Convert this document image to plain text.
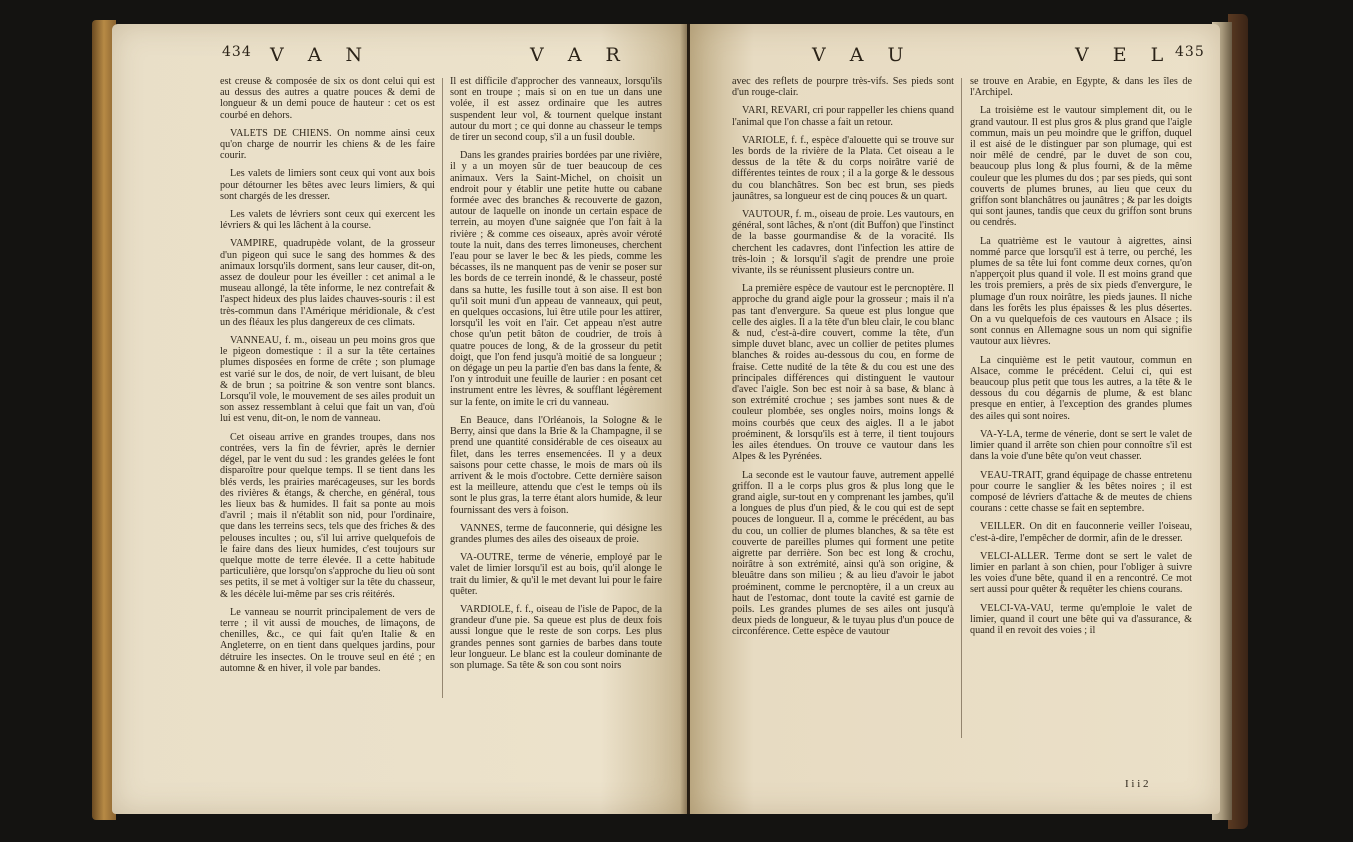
434 V A N	V A R

est creuse & composée de six os dont celui qui est au dessus des autres a quatre pouces & demi de longueur & un demi pouce de hauteur : cet os est courbé en dehors.

VALETS DE CHIENS. On nomme ainsi ceux qu'on charge de nourrir les chiens & de les faire courir.

Les valets de limiers sont ceux qui vont aux bois pour détourner les bêtes avec leurs limiers, & qui sont chargés de les dresser.

Les valets de lévriers sont ceux qui exercent les lévriers & qui les lâchent à la course.

VAMPIRE, quadrupède volant, de la grosseur d'un pigeon qui suce le sang des hommes & des animaux lorsqu'ils dorment, sans leur causer, dit-on, assez de douleur pour les éveiller : cet animal a le museau allongé, la tête informe, le nez contrefait & l'aspect hideux des plus laides chauves-souris : il est très-commun dans l'Amérique méridionale, & c'est un des fléaux les plus dangereux de ces climats.

VANNEAU, f. m., oiseau un peu moins gros que le pigeon domestique : il a sur la tête certaines plumes disposées en forme de crête ; son plumage est varié sur le dos, de noir, de vert luisant, de bleu & de brun ; sa poitrine & son ventre sont blancs. Lorsqu'il vole, le mouvement de ses ailes produit un son assez ressemblant à celui que fait un van, d'où lui est venu, dit-on, le nom de vanneau.

Cet oiseau arrive en grandes troupes, dans nos contrées, vers la fin de février, après le dernier dégel, par le vent du sud : les grandes gelées le font disparoître pour quelque temps. Il se tient dans les blés verds, les prairies marécageuses, sur les bords des rivières & étangs, & cherche, en général, tous les lieux bas & humides. Il fait sa ponte au mois d'avril ; mais il n'établit son nid, pour l'ordinaire, que dans les terreins secs, tels que des friches & des pelouses incultes ; ou, s'il lui arrive quelquefois de le faire dans des lieux humides, c'est toujours sur quelque motte de terre élevée. Il a cette habitude particulière, que lorsqu'on s'approche du lieu où sont ses petits, il se met à voltiger sur la tête du chasseur, & les décèle lui-même par ses cris réitérés.

Le vanneau se nourrit principalement de vers de terre ; il vit aussi de mouches, de limaçons, de chenilles, &c., ce qui fait qu'en Italie & en Angleterre, on en tient dans quelques jardins, pour détruire les insectes. On le trouve seul en été ; en automne & en hiver, il vole par bandes.

Il est difficile d'approcher des vanneaux, lorsqu'ils sont en troupe ; mais si on en tue un dans une volée, il est assez ordinaire que les autres suspendent leur vol, & tournent quelque instant autour du mort ; ce qui donne au chasseur le temps de tirer un second coup, s'il a un fusil double.

Dans les grandes prairies bordées par une rivière, il y a un moyen sûr de tuer beaucoup de ces animaux. Vers la Saint-Michel, on choisit un endroit pour y établir une petite hutte ou cabane formée avec des branches & recouverte de gazon, autour de laquelle on inonde un certain espace de terrein, au moyen d'une saignée que l'on fait à la rivière ; & comme ces oiseaux, après avoir véroté toute la nuit, dans des terres limoneuses, cherchent l'eau pour se laver le bec & les pieds, comme les bécasses, ils ne manquent pas de venir se poser sur les bords de ce terrein inondé, & le chasseur, posté dans sa hutte, les fusille tout à son aise. Il est bon qu'il soit muni d'un appeau de vanneaux, qui peut, en quelques occasions, lui être utile pour les attirer, lorsqu'il les voit en l'air. Cet appeau n'est autre chose qu'un petit bâton de coudrier, de trois à quatre pouces de long, & de la grosseur du petit doigt, que l'on fend jusqu'à moitié de sa longueur ; on dégage un peu la partie d'en bas dans la fente, & l'on y introduit une feuille de laurier : en posant cet instrument entre les lèvres, & soufflant légèrement sur la fente, on imite le cri du vanneau.

En Beauce, dans l'Orléanois, la Sologne & le Berry, ainsi que dans la Brie & la Champagne, il se prend une quantité considérable de ces oiseaux au filet, dans les terres ensemencées. Il y a deux saisons pour cette chasse, le mois de mars où ils arrivent & le mois d'octobre. Cette dernière saison est la meilleure, attendu que c'est le temps où ils sont le plus gras, la terre étant alors humide, & leur fournissant des vers à foison.

VANNES, terme de fauconnerie, qui désigne les grandes plumes des ailes des oiseaux de proie.

VA-OUTRE, terme de vénerie, employé par le valet de limier lorsqu'il est au bois, qu'il alonge le trait du limier, & qu'il le met devant lui pour le faire quêter.

VARDIOLE, f. f., oiseau de l'isle de Papoc, de la grandeur d'une pie. Sa queue est plus de deux fois aussi longue que le reste de son corps. Les plus grandes pennes sont garnies de barbes dans toute leur longueur. Le blanc est la couleur dominante de son plumage. Sa tête & son cou sont noirs

V A U	V E L 435

avec des reflets de pourpre très-vifs. Ses pieds sont d'un rouge-clair.

VARI, REVARI, cri pour rappeller les chiens quand l'animal que l'on chasse a fait un retour.

VARIOLE, f. f., espèce d'alouette qui se trouve sur les bords de la rivière de la Plata. Cet oiseau a le dessus de la tête & du corps noirâtre varié de différentes teintes de roux ; il a la gorge & le dessous du cou blanchâtres. Son bec est brun, ses pieds jaunâtres, sa longueur est de cinq pouces & un quart.

VAUTOUR, f. m., oiseau de proie. Les vautours, en général, sont lâches, & n'ont (dit Buffon) que l'instinct de la basse gourmandise & de la voracité. Ils cherchent les cadavres, dont l'infection les attire de très-loin ; & lorsqu'il s'agit de prendre une proie vivante, ils se réunissent plusieurs contre un.

La première espèce de vautour est le percnoptère. Il approche du grand aigle pour la grosseur ; mais il n'a pas tant d'envergure. Sa queue est plus longue que celle des aigles. Il a la tête d'un bleu clair, le cou blanc & nud, c'est-à-dire couvert, comme la tête, d'un simple duvet blanc, avec un collier de petites plumes blanches & roides au-dessous du cou, en forme de fraise. Cette nudité de la tête & du cou est une des principales différences qui distinguent le vautour d'avec l'aigle. Son bec est noir à sa base, & blanc à son extrémité crochue ; ses jambes sont nues & de couleur plombée, ses ongles noirs, moins longs & moins courbés que ceux des aigles. Il a le jabot proéminent, & lorsqu'ils est à terre, il tient toujours les ailes étendues. On trouve ce vautour dans les Alpes & les Pyrénées.

La seconde est le vautour fauve, autrement appellé griffon. Il a le corps plus gros & plus long que le grand aigle, sur-tout en y comprenant les jambes, qu'il a longues de plus d'un pied, & le cou qui est de sept pouces de longueur. Il a, comme le précédent, au bas du cou, un collier de plumes blanches, & sa tête est couverte de pareilles plumes qui forment une petite aigrette par derrière. Son bec est long & crochu, noirâtre à son extrémité, ainsi qu'à son origine, & bleuâtre dans son milieu ; & au lieu d'avoir le jabot proéminent, comme le percnoptère, il a un creux au haut de l'estomac, dont toute la cavité est garnie de poils. Les grandes plumes de ses ailes ont jusqu'à deux pieds de longueur, & le tuyau plus d'un pouce de circonférence. Cette espèce de vautour

se trouve en Arabie, en Egypte, & dans les îles de l'Archipel.

La troisième est le vautour simplement dit, ou le grand vautour. Il est plus gros & plus grand que l'aigle commun, mais un peu moindre que le griffon, duquel il est aisé de le distinguer par son plumage, qui est noir mêlé de cendré, par le duvet de son cou, beaucoup plus long & plus fourni, & de la même couleur que les plumes du dos ; par ses pieds, qui sont couverts de plumes brunes, au lieu que ceux du griffon sont blanchâtres ou jaunâtres ; & par les doigts qui sont jaunes, tandis que ceux du griffon sont bruns ou cendrés.

La quatrième est le vautour à aigrettes, ainsi nommé parce que lorsqu'il est à terre, ou perché, les plumes de sa tête lui font comme deux cornes, qu'on n'apperçoit plus quand il vole. Il est moins grand que les trois premiers, a près de six pieds d'envergure, le plumage d'un roux noirâtre, les pieds jaunes. Il niche dans les forêts les plus épaisses & les plus désertes. On a vu quelquefois de ces vautours en Alsace ; ils sont connus en Allemagne sous un nom qui signifie vautour aux lièvres.

La cinquième est le petit vautour, commun en Alsace, comme le précédent. Celui ci, qui est beaucoup plus petit que tous les autres, a la tête & le dessous du cou dégarnis de plume, & est blanc presque en entier, à l'exception des grandes plumes des ailes qui sont noires.

VA-Y-LA, terme de vénerie, dont se sert le valet de limier quand il arrête son chien pour connoître s'il est dans la voie d'une bête qu'on veut chasser.

VEAU-TRAIT, grand équipage de chasse entretenu pour courre le sanglier & les bêtes noires ; il est composé de lévriers d'attache & de meutes de chiens courans : cette chasse se fait en septembre.

VEILLER. On dit en fauconnerie veiller l'oiseau, c'est-à-dire, l'empêcher de dormir, afin de le dresser.

VELCI-ALLER. Terme dont se sert le valet de limier en parlant à son chien, pour l'obliger à suivre les voies d'une bête, quand il en a rencontré. Ce mot sert aussi pour quêter & requêter les chiens courans.

VELCI-VA-VAU, terme qu'emploie le valet de limier, quand il court une bête qui va d'assurance, & quand il en revoit des voies ; il

I i i 2
